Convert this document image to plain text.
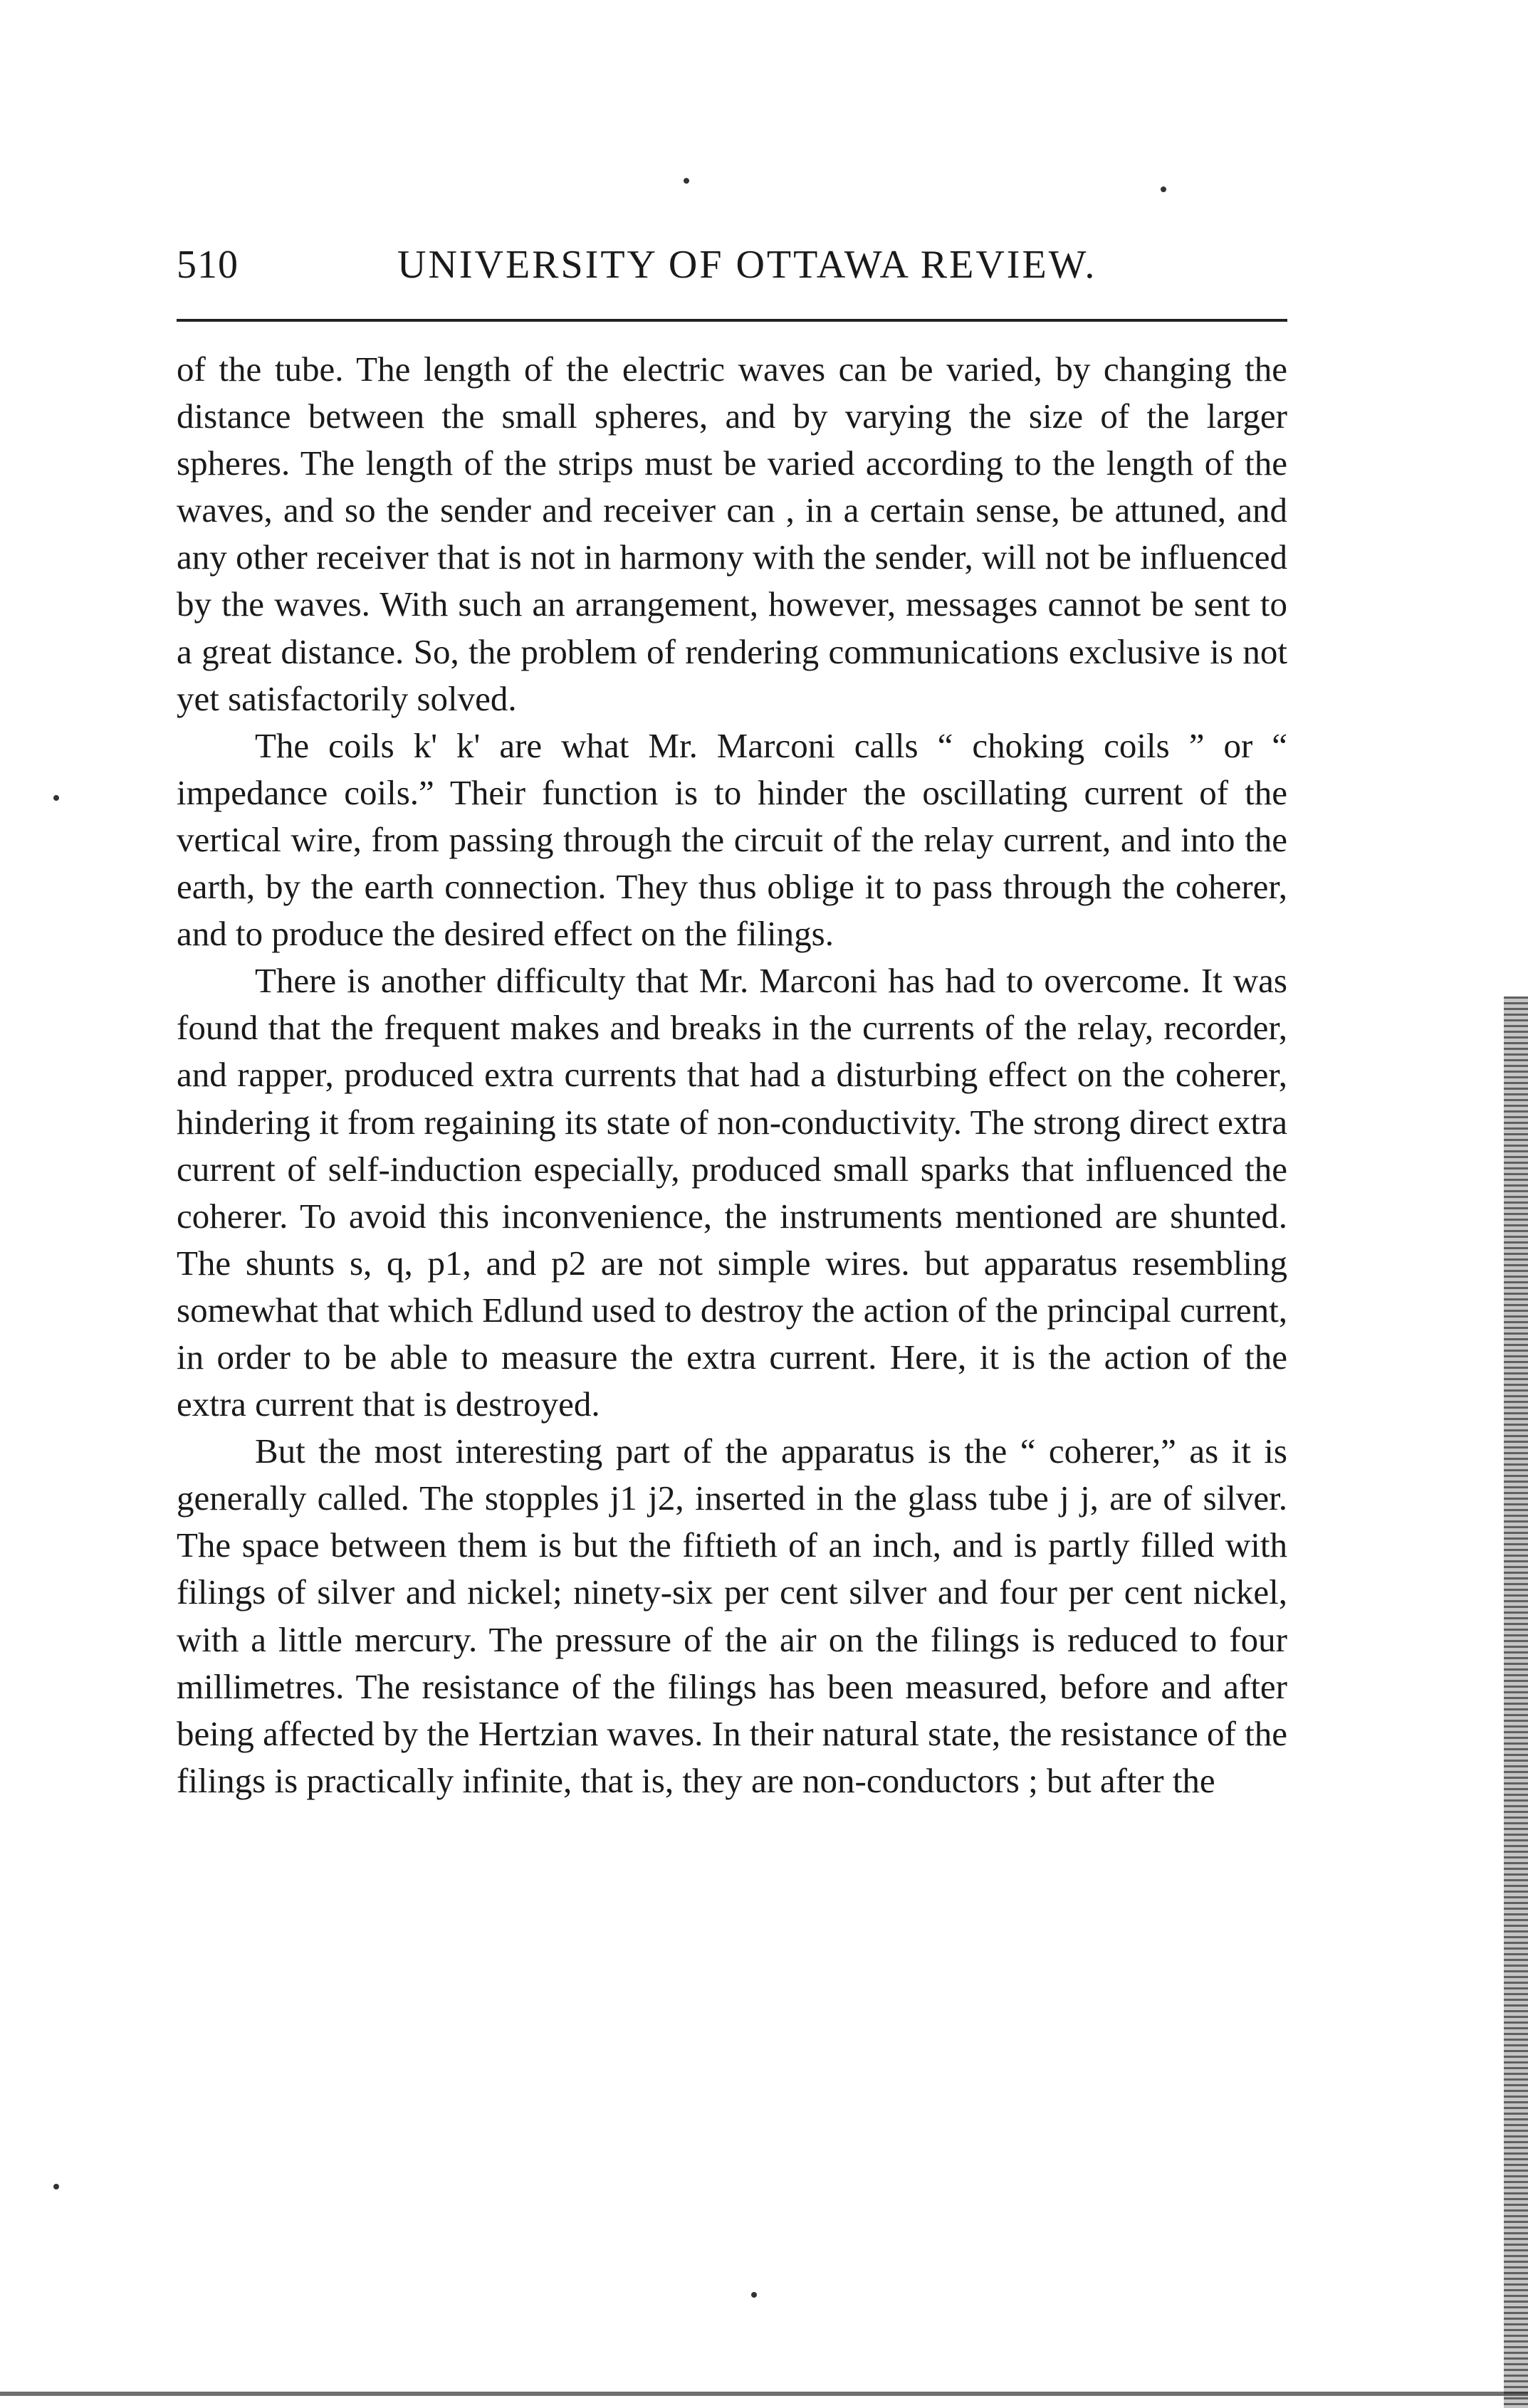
510	UNIVERSITY OF OTTAWA REVIEW.

of the tube. The length of the electric waves can be varied, by changing the distance between the small spheres, and by varying the size of the larger spheres. The length of the strips must be varied according to the length of the waves, and so the sender and receiver can , in a certain sense, be attuned, and any other receiver that is not in harmony with the sender, will not be influenced by the waves. With such an arrangement, however, messages cannot be sent to a great distance. So, the problem of rendering communications exclusive is not yet satisfactorily solved.

The coils k' k' are what Mr. Marconi calls “ choking coils ” or “ impedance coils.” Their function is to hinder the oscillating current of the vertical wire, from passing through the circuit of the relay current, and into the earth, by the earth connection. They thus oblige it to pass through the coherer, and to produce the desired effect on the filings.

There is another difficulty that Mr. Marconi has had to overcome. It was found that the frequent makes and breaks in the currents of the relay, recorder, and rapper, produced extra currents that had a disturbing effect on the coherer, hindering it from regaining its state of non-conductivity. The strong direct extra current of self-induction especially, produced small sparks that influenced the coherer. To avoid this inconvenience, the instruments mentioned are shunted. The shunts s, q, p1, and p2 are not simple wires. but apparatus resembling somewhat that which Edlund used to destroy the action of the principal current, in order to be able to measure the extra current. Here, it is the action of the extra current that is destroyed.

But the most interesting part of the apparatus is the “ coherer,” as it is generally called. The stopples j1 j2, inserted in the glass tube j j, are of silver. The space between them is but the fiftieth of an inch, and is partly filled with filings of silver and nickel; ninety-six per cent silver and four per cent nickel, with a little mercury. The pressure of the air on the filings is reduced to four millimetres. The resistance of the filings has been measured, before and after being affected by the Hertzian waves. In their natural state, the resistance of the filings is practically infinite, that is, they are non-conductors ; but after the
